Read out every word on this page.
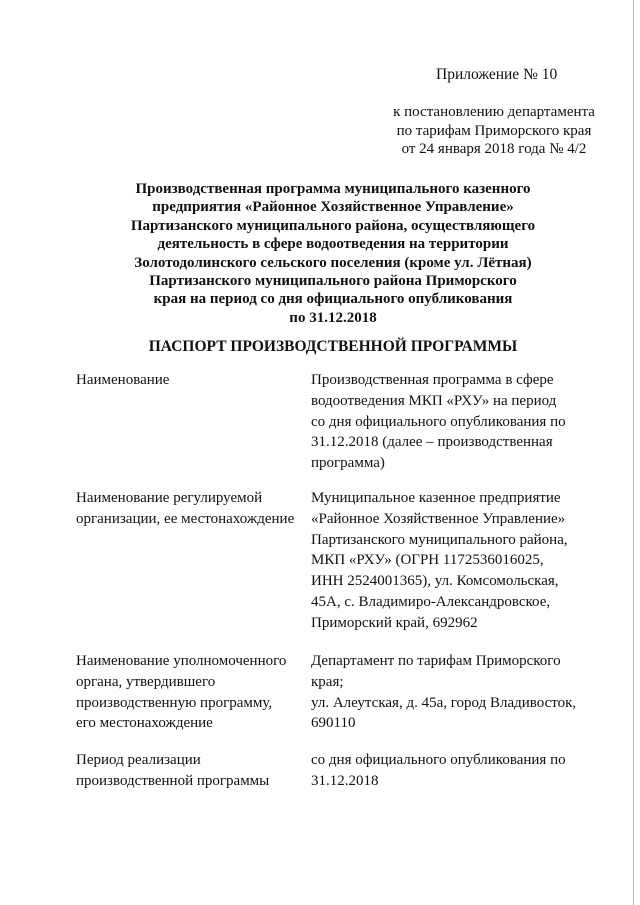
Приложение № 10
к постановлению департамента
по тарифам Приморского края
от 24 января 2018 года № 4/2
Производственная программа муниципального казенного
предприятия «Районное Хозяйственное Управление»
Партизанского муниципального района, осуществляющего
деятельность в сфере водоотведения на территории
Золотодолинского сельского поселения (кроме ул. Лётная)
Партизанского муниципального района Приморского
края на период со дня официального опубликования
по 31.12.2018
ПАСПОРТ ПРОИЗВОДСТВЕННОЙ ПРОГРАММЫ
Наименование	Производственная программа в сфере
водоотведения МКП «РХУ» на период
со дня официального опубликования по
31.12.2018 (далее – производственная
программа)
Наименование регулируемой
организации, ее местонахождение
Муниципальное казенное предприятие
«Районное Хозяйственное Управление»
Партизанского муниципального района,
МКП «РХУ» (ОГРН 1172536016025,
ИНН 2524001365), ул. Комсомольская,
45А, с. Владимиро-Александровское,
Приморский край, 692962
Наименование уполномоченного
органа, утвердившего
производственную программу,
его местонахождение
Департамент по тарифам Приморского
края;
ул. Алеутская, д. 45а, город Владивосток,
690110
Период реализации
производственной программы
со дня официального опубликования по
31.12.2018
